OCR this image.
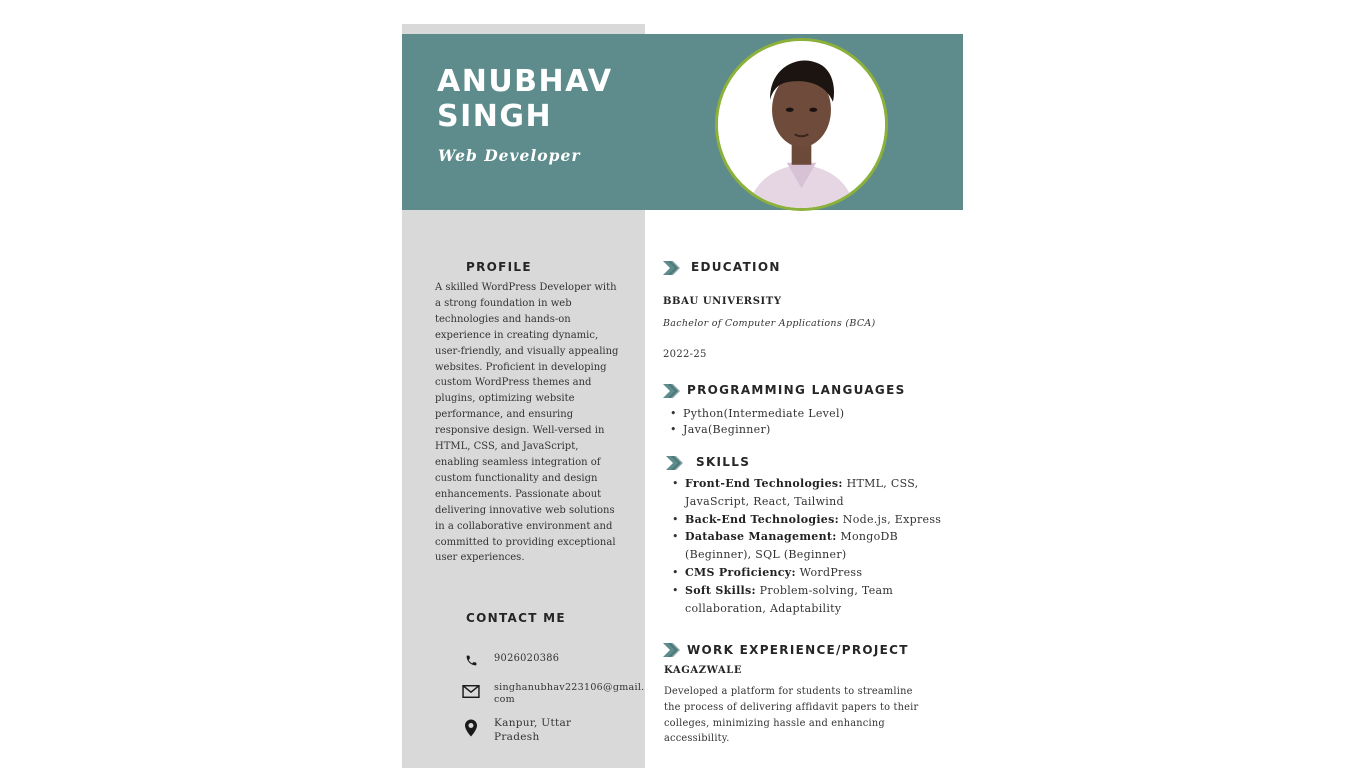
ANUBHAV
SINGH
Web Developer
PROFILE
A skilled WordPress Developer with a strong foundation in web technologies and hands-on experience in creating dynamic, user-friendly, and visually appealing websites. Proficient in developing custom WordPress themes and plugins, optimizing website performance, and ensuring responsive design. Well-versed in HTML, CSS, and JavaScript, enabling seamless integration of custom functionality and design enhancements. Passionate about delivering innovative web solutions in a collaborative environment and committed to providing exceptional user experiences.
CONTACT ME
9026020386
singhanubhav223106@gmail.
com
Kanpur, Uttar
Pradesh
EDUCATION
BBAU UNIVERSITY
Bachelor of Computer Applications (BCA)
2022-25
PROGRAMMING LANGUAGES
• Python(Intermediate Level)
• Java(Beginner)
SKILLS
• Front-End Technologies: HTML, CSS, JavaScript, React, Tailwind
• Back-End Technologies: Node.js, Express
• Database Management: MongoDB (Beginner), SQL (Beginner)
• CMS Proficiency: WordPress
• Soft Skills: Problem-solving, Team collaboration, Adaptability
WORK EXPERIENCE/PROJECT
KAGAZWALE
Developed a platform for students to streamline the process of delivering affidavit papers to their colleges, minimizing hassle and enhancing accessibility.
